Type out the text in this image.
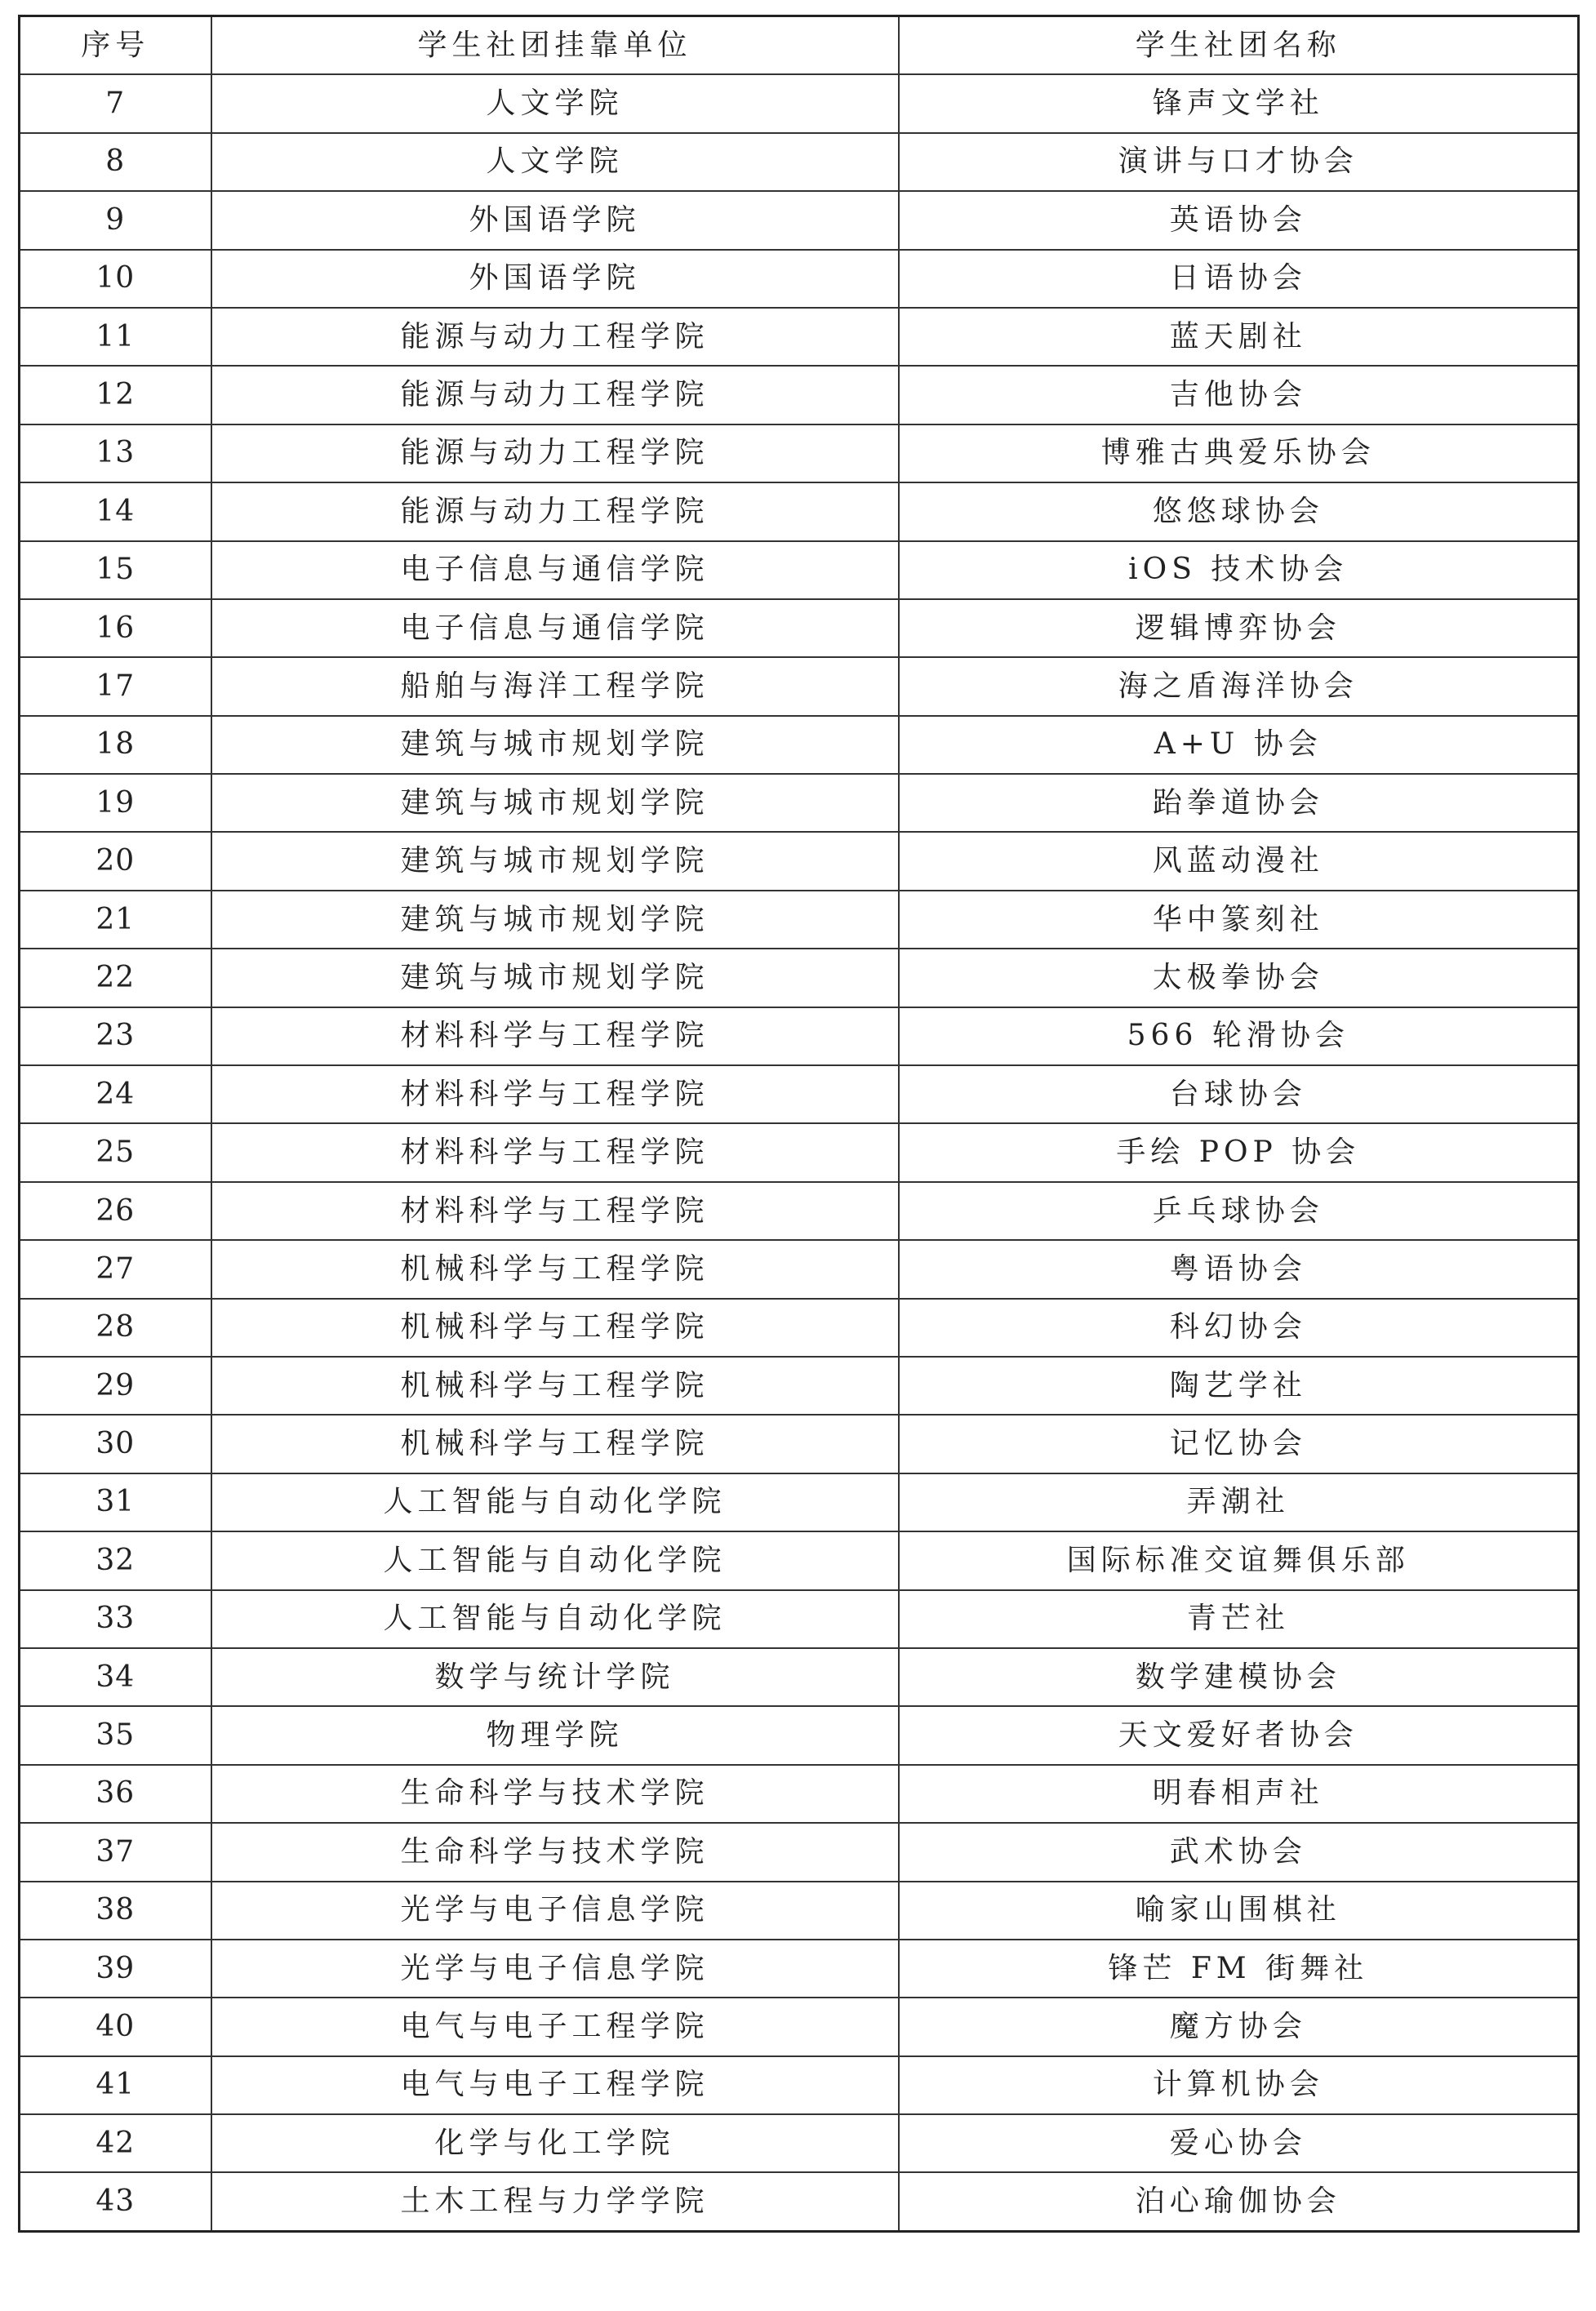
序号	学生社团挂靠单位	学生社团名称
7	人文学院	锋声文学社
8	人文学院	演讲与口才协会
9	外国语学院	英语协会
10	外国语学院	日语协会
11	能源与动力工程学院	蓝天剧社
12	能源与动力工程学院	吉他协会
13	能源与动力工程学院	博雅古典爱乐协会
14	能源与动力工程学院	悠悠球协会
15	电子信息与通信学院	iOS 技术协会
16	电子信息与通信学院	逻辑博弈协会
17	船舶与海洋工程学院	海之盾海洋协会
18	建筑与城市规划学院	A+U 协会
19	建筑与城市规划学院	跆拳道协会
20	建筑与城市规划学院	风蓝动漫社
21	建筑与城市规划学院	华中篆刻社
22	建筑与城市规划学院	太极拳协会
23	材料科学与工程学院	566 轮滑协会
24	材料科学与工程学院	台球协会
25	材料科学与工程学院	手绘 POP 协会
26	材料科学与工程学院	乒乓球协会
27	机械科学与工程学院	粤语协会
28	机械科学与工程学院	科幻协会
29	机械科学与工程学院	陶艺学社
30	机械科学与工程学院	记忆协会
31	人工智能与自动化学院	弄潮社
32	人工智能与自动化学院	国际标准交谊舞俱乐部
33	人工智能与自动化学院	青芒社
34	数学与统计学院	数学建模协会
35	物理学院	天文爱好者协会
36	生命科学与技术学院	明春相声社
37	生命科学与技术学院	武术协会
38	光学与电子信息学院	喻家山围棋社
39	光学与电子信息学院	锋芒 FM 街舞社
40	电气与电子工程学院	魔方协会
41	电气与电子工程学院	计算机协会
42	化学与化工学院	爱心协会
43	土木工程与力学学院	泊心瑜伽协会
